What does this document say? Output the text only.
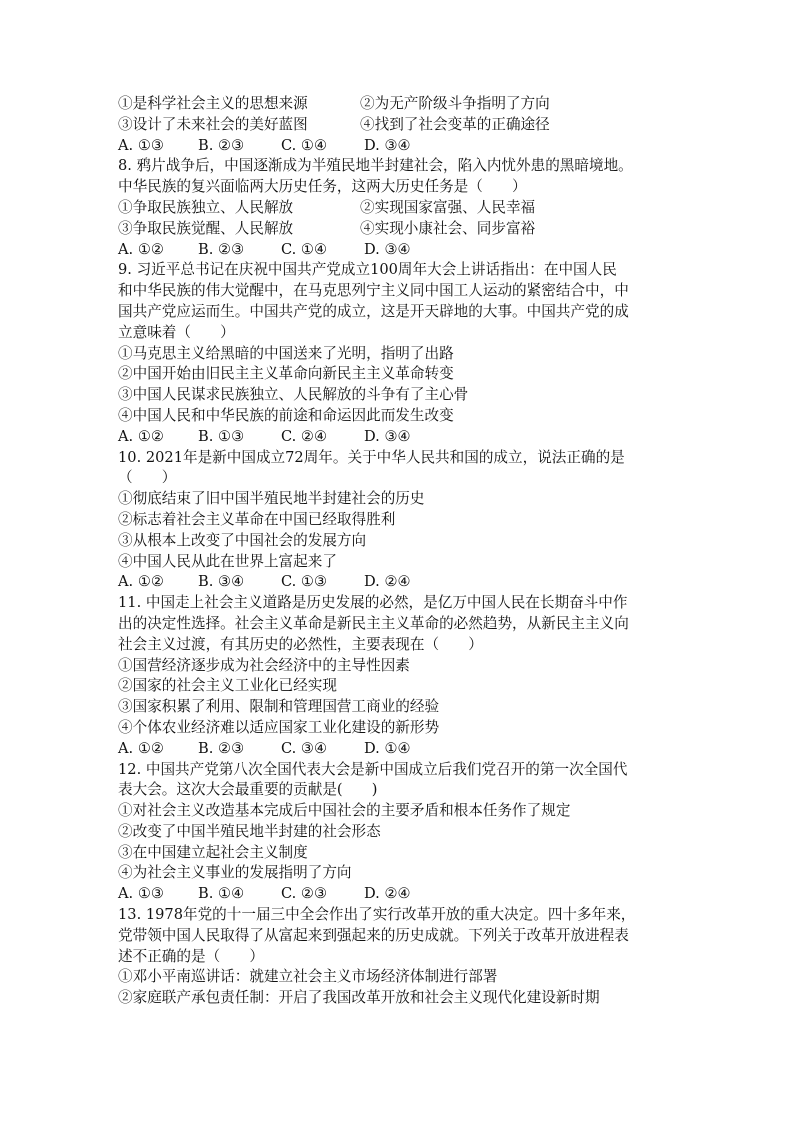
①是科学社会主义的思想来源	②为无产阶级斗争指明了方向
③设计了未来社会的美好蓝图	④找到了社会变革的正确途径
A. ①③	B. ②③	C. ①④	D. ③④
8. 鸦片战争后，中国逐渐成为半殖民地半封建社会，陷入内忧外患的黑暗境地。
中华民族的复兴面临两大历史任务，这两大历史任务是（　　）
①争取民族独立、人民解放	②实现国家富强、人民幸福
③争取民族觉醒、人民解放	④实现小康社会、同步富裕
A. ①②	B. ②③	C. ①④	D. ③④
9. 习近平总书记在庆祝中国共产党成立100周年大会上讲话指出：在中国人民
和中华民族的伟大觉醒中，在马克思列宁主义同中国工人运动的紧密结合中，中
国共产党应运而生。中国共产党的成立，这是开天辟地的大事。中国共产党的成
立意味着（　　）
①马克思主义给黑暗的中国送来了光明，指明了出路
②中国开始由旧民主主义革命向新民主主义革命转变
③中国人民谋求民族独立、人民解放的斗争有了主心骨
④中国人民和中华民族的前途和命运因此而发生改变
A. ①②	B. ①③	C. ②④	D. ③④
10. 2021年是新中国成立72周年。关于中华人民共和国的成立，说法正确的是
（　　）
①彻底结束了旧中国半殖民地半封建社会的历史
②标志着社会主义革命在中国已经取得胜利
③从根本上改变了中国社会的发展方向
④中国人民从此在世界上富起来了
A. ①②	B. ③④	C. ①③	D. ②④
11. 中国走上社会主义道路是历史发展的必然，是亿万中国人民在长期奋斗中作
出的决定性选择。社会主义革命是新民主主义革命的必然趋势，从新民主主义向
社会主义过渡，有其历史的必然性，主要表现在（　　）
①国营经济逐步成为社会经济中的主导性因素
②国家的社会主义工业化已经实现
③国家积累了利用、限制和管理国营工商业的经验
④个体农业经济难以适应国家工业化建设的新形势
A. ①②	B. ②③	C. ③④	D. ①④
12. 中国共产党第八次全国代表大会是新中国成立后我们党召开的第一次全国代
表大会。这次大会最重要的贡献是(　　)
①对社会主义改造基本完成后中国社会的主要矛盾和根本任务作了规定
②改变了中国半殖民地半封建的社会形态
③在中国建立起社会主义制度
④为社会主义事业的发展指明了方向
A. ①③	B. ①④	C. ②③	D. ②④
13. 1978年党的十一届三中全会作出了实行改革开放的重大决定。四十多年来，
党带领中国人民取得了从富起来到强起来的历史成就。下列关于改革开放进程表
述不正确的是（　　）
①邓小平南巡讲话：就建立社会主义市场经济体制进行部署
②家庭联产承包责任制：开启了我国改革开放和社会主义现代化建设新时期
